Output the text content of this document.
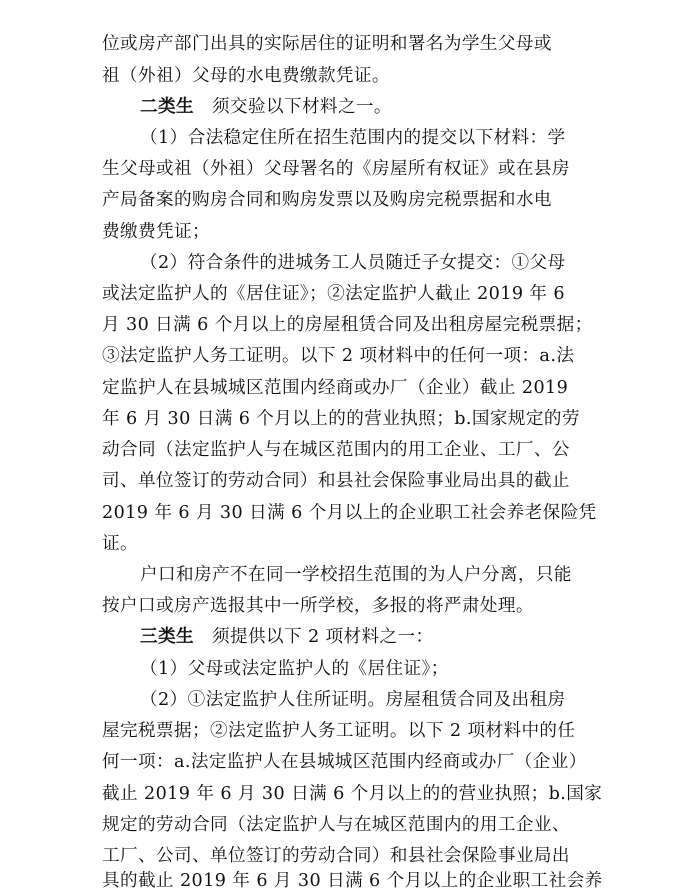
位或房产部门出具的实际居住的证明和署名为学生父母或
祖（外祖）父母的水电费缴款凭证。
二类生 须交验以下材料之一。
（1）合法稳定住所在招生范围内的提交以下材料：学
生父母或祖（外祖）父母署名的《房屋所有权证》或在县房
产局备案的购房合同和购房发票以及购房完税票据和水电
费缴费凭证；
（2）符合条件的进城务工人员随迁子女提交：①父母
或法定监护人的《居住证》；②法定监护人截止 2019 年 6
月 30 日满 6 个月以上的房屋租赁合同及出租房屋完税票据；
③法定监护人务工证明。以下 2 项材料中的任何一项：a.法
定监护人在县城城区范围内经商或办厂（企业）截止 2019
年 6 月 30 日满 6 个月以上的的营业执照；b.国家规定的劳
动合同（法定监护人与在城区范围内的用工企业、工厂、公
司、单位签订的劳动合同）和县社会保险事业局出具的截止
2019 年 6 月 30 日满 6 个月以上的企业职工社会养老保险凭
证。
户口和房产不在同一学校招生范围的为人户分离，只能
按户口或房产选报其中一所学校，多报的将严肃处理。
三类生 须提供以下 2 项材料之一：
（1）父母或法定监护人的《居住证》；
（2）①法定监护人住所证明。房屋租赁合同及出租房
屋完税票据；②法定监护人务工证明。以下 2 项材料中的任
何一项：a.法定监护人在县城城区范围内经商或办厂（企业）
截止 2019 年 6 月 30 日满 6 个月以上的的营业执照；b.国家
规定的劳动合同（法定监护人与在城区范围内的用工企业、
工厂、公司、单位签订的劳动合同）和县社会保险事业局出
具的截止 2019 年 6 月 30 日满 6 个月以上的企业职工社会养
